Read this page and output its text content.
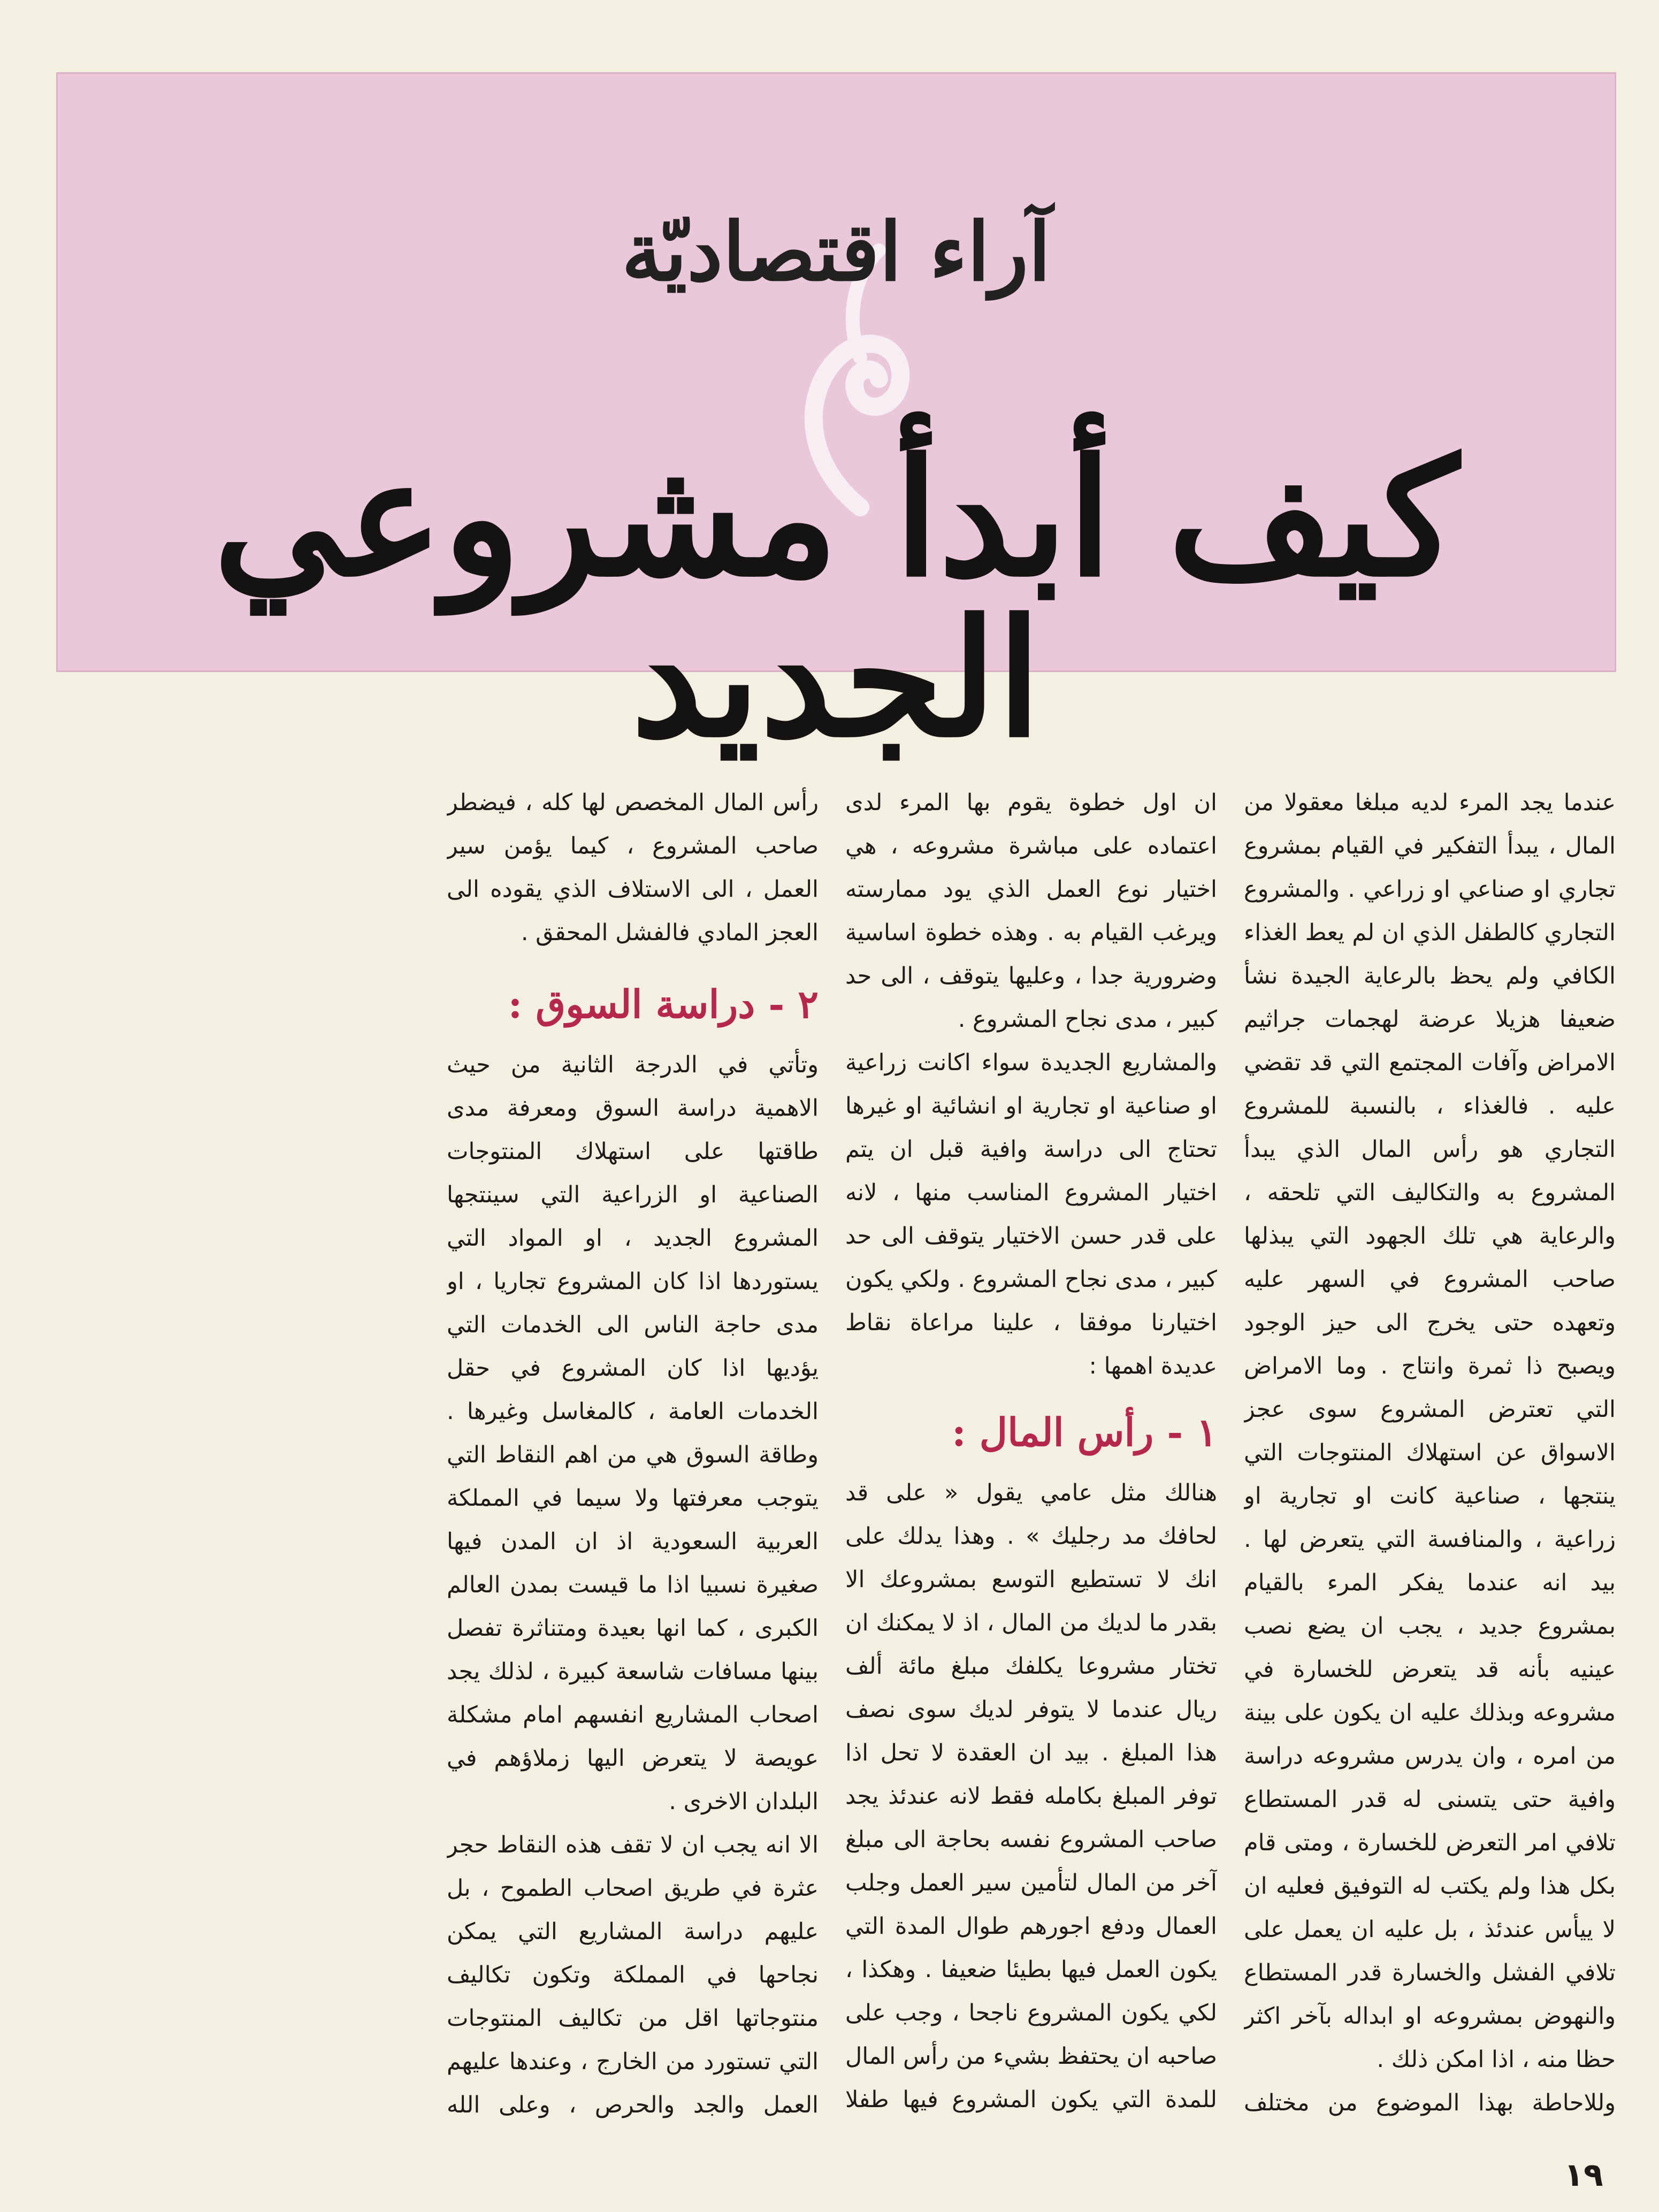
آراء اقتصاديّة
كيف أبدأ مشروعي الجديد

عندما يجد المرء لديه مبلغا معقولا من المال ، يبدأ التفكير في القيام بمشروع تجاري او صناعي او زراعي . والمشروع التجاري كالطفل الذي ان لم يعط الغذاء الكافي ولم يحظ بالرعاية الجيدة نشأ ضعيفا هزيلا عرضة لهجمات جراثيم الامراض وآفات المجتمع التي قد تقضي عليه . فالغذاء ، بالنسبة للمشروع التجاري هو رأس المال الذي يبدأ المشروع به والتكاليف التي تلحقه ، والرعاية هي تلك الجهود التي يبذلها صاحب المشروع في السهر عليه وتعهده حتى يخرج الى حيز الوجود ويصبح ذا ثمرة وانتاج . وما الامراض التي تعترض المشروع سوى عجز الاسواق عن استهلاك المنتوجات التي ينتجها ، صناعية كانت او تجارية او زراعية ، والمنافسة التي يتعرض لها . بيد انه عندما يفكر المرء بالقيام بمشروع جديد ، يجب ان يضع نصب عينيه بأنه قد يتعرض للخسارة في مشروعه وبذلك عليه ان يكون على بينة من امره ، وان يدرس مشروعه دراسة وافية حتى يتسنى له قدر المستطاع تلافي امر التعرض للخسارة ، ومتى قام بكل هذا ولم يكتب له التوفيق فعليه ان لا ييأس عندئذ ، بل عليه ان يعمل على تلافي الفشل والخسارة قدر المستطاع والنهوض بمشروعه او ابداله بآخر اكثر حظا منه ، اذا امكن ذلك .

وللاحاطة بهذا الموضوع من مختلف

ان اول خطوة يقوم بها المرء لدى اعتماده على مباشرة مشروعه ، هي اختيار نوع العمل الذي يود ممارسته ويرغب القيام به . وهذه خطوة اساسية وضرورية جدا ، وعليها يتوقف ، الى حد كبير ، مدى نجاح المشروع .

والمشاريع الجديدة سواء اكانت زراعية او صناعية او تجارية او انشائية او غيرها تحتاج الى دراسة وافية قبل ان يتم اختيار المشروع المناسب منها ، لانه على قدر حسن الاختيار يتوقف الى حد كبير ، مدى نجاح المشروع . ولكي يكون اختيارنا موفقا ، علينا مراعاة نقاط عديدة اهمها :

١ - رأس المال :

هنالك مثل عامي يقول « على قد لحافك مد رجليك » . وهذا يدلك على انك لا تستطيع التوسع بمشروعك الا بقدر ما لديك من المال ، اذ لا يمكنك ان تختار مشروعا يكلفك مبلغ مائة ألف ريال عندما لا يتوفر لديك سوى نصف هذا المبلغ . بيد ان العقدة لا تحل اذا توفر المبلغ بكامله فقط لانه عندئذ يجد صاحب المشروع نفسه بحاجة الى مبلغ آخر من المال لتأمين سير العمل وجلب العمال ودفع اجورهم طوال المدة التي يكون العمل فيها بطيئا ضعيفا . وهكذا ، لكي يكون المشروع ناجحا ، وجب على صاحبه ان يحتفظ بشيء من رأس المال للمدة التي يكون المشروع فيها طفلا

رأس المال المخصص لها كله ، فيضطر صاحب المشروع ، كيما يؤمن سير العمل ، الى الاستلاف الذي يقوده الى العجز المادي فالفشل المحقق .

٢ - دراسة السوق :

وتأتي في الدرجة الثانية من حيث الاهمية دراسة السوق ومعرفة مدى طاقتها على استهلاك المنتوجات الصناعية او الزراعية التي سينتجها المشروع الجديد ، او المواد التي يستوردها اذا كان المشروع تجاريا ، او مدى حاجة الناس الى الخدمات التي يؤديها اذا كان المشروع في حقل الخدمات العامة ، كالمغاسل وغيرها . وطاقة السوق هي من اهم النقاط التي يتوجب معرفتها ولا سيما في المملكة العربية السعودية اذ ان المدن فيها صغيرة نسبيا اذا ما قيست بمدن العالم الكبرى ، كما انها بعيدة ومتناثرة تفصل بينها مسافات شاسعة كبيرة ، لذلك يجد اصحاب المشاريع انفسهم امام مشكلة عويصة لا يتعرض اليها زملاؤهم في البلدان الاخرى .

الا انه يجب ان لا تقف هذه النقاط حجر عثرة في طريق اصحاب الطموح ، بل عليهم دراسة المشاريع التي يمكن نجاحها في المملكة وتكون تكاليف منتوجاتها اقل من تكاليف المنتوجات التي تستورد من الخارج ، وعندها عليهم العمل والجد والحرص ، وعلى الله

١٩
